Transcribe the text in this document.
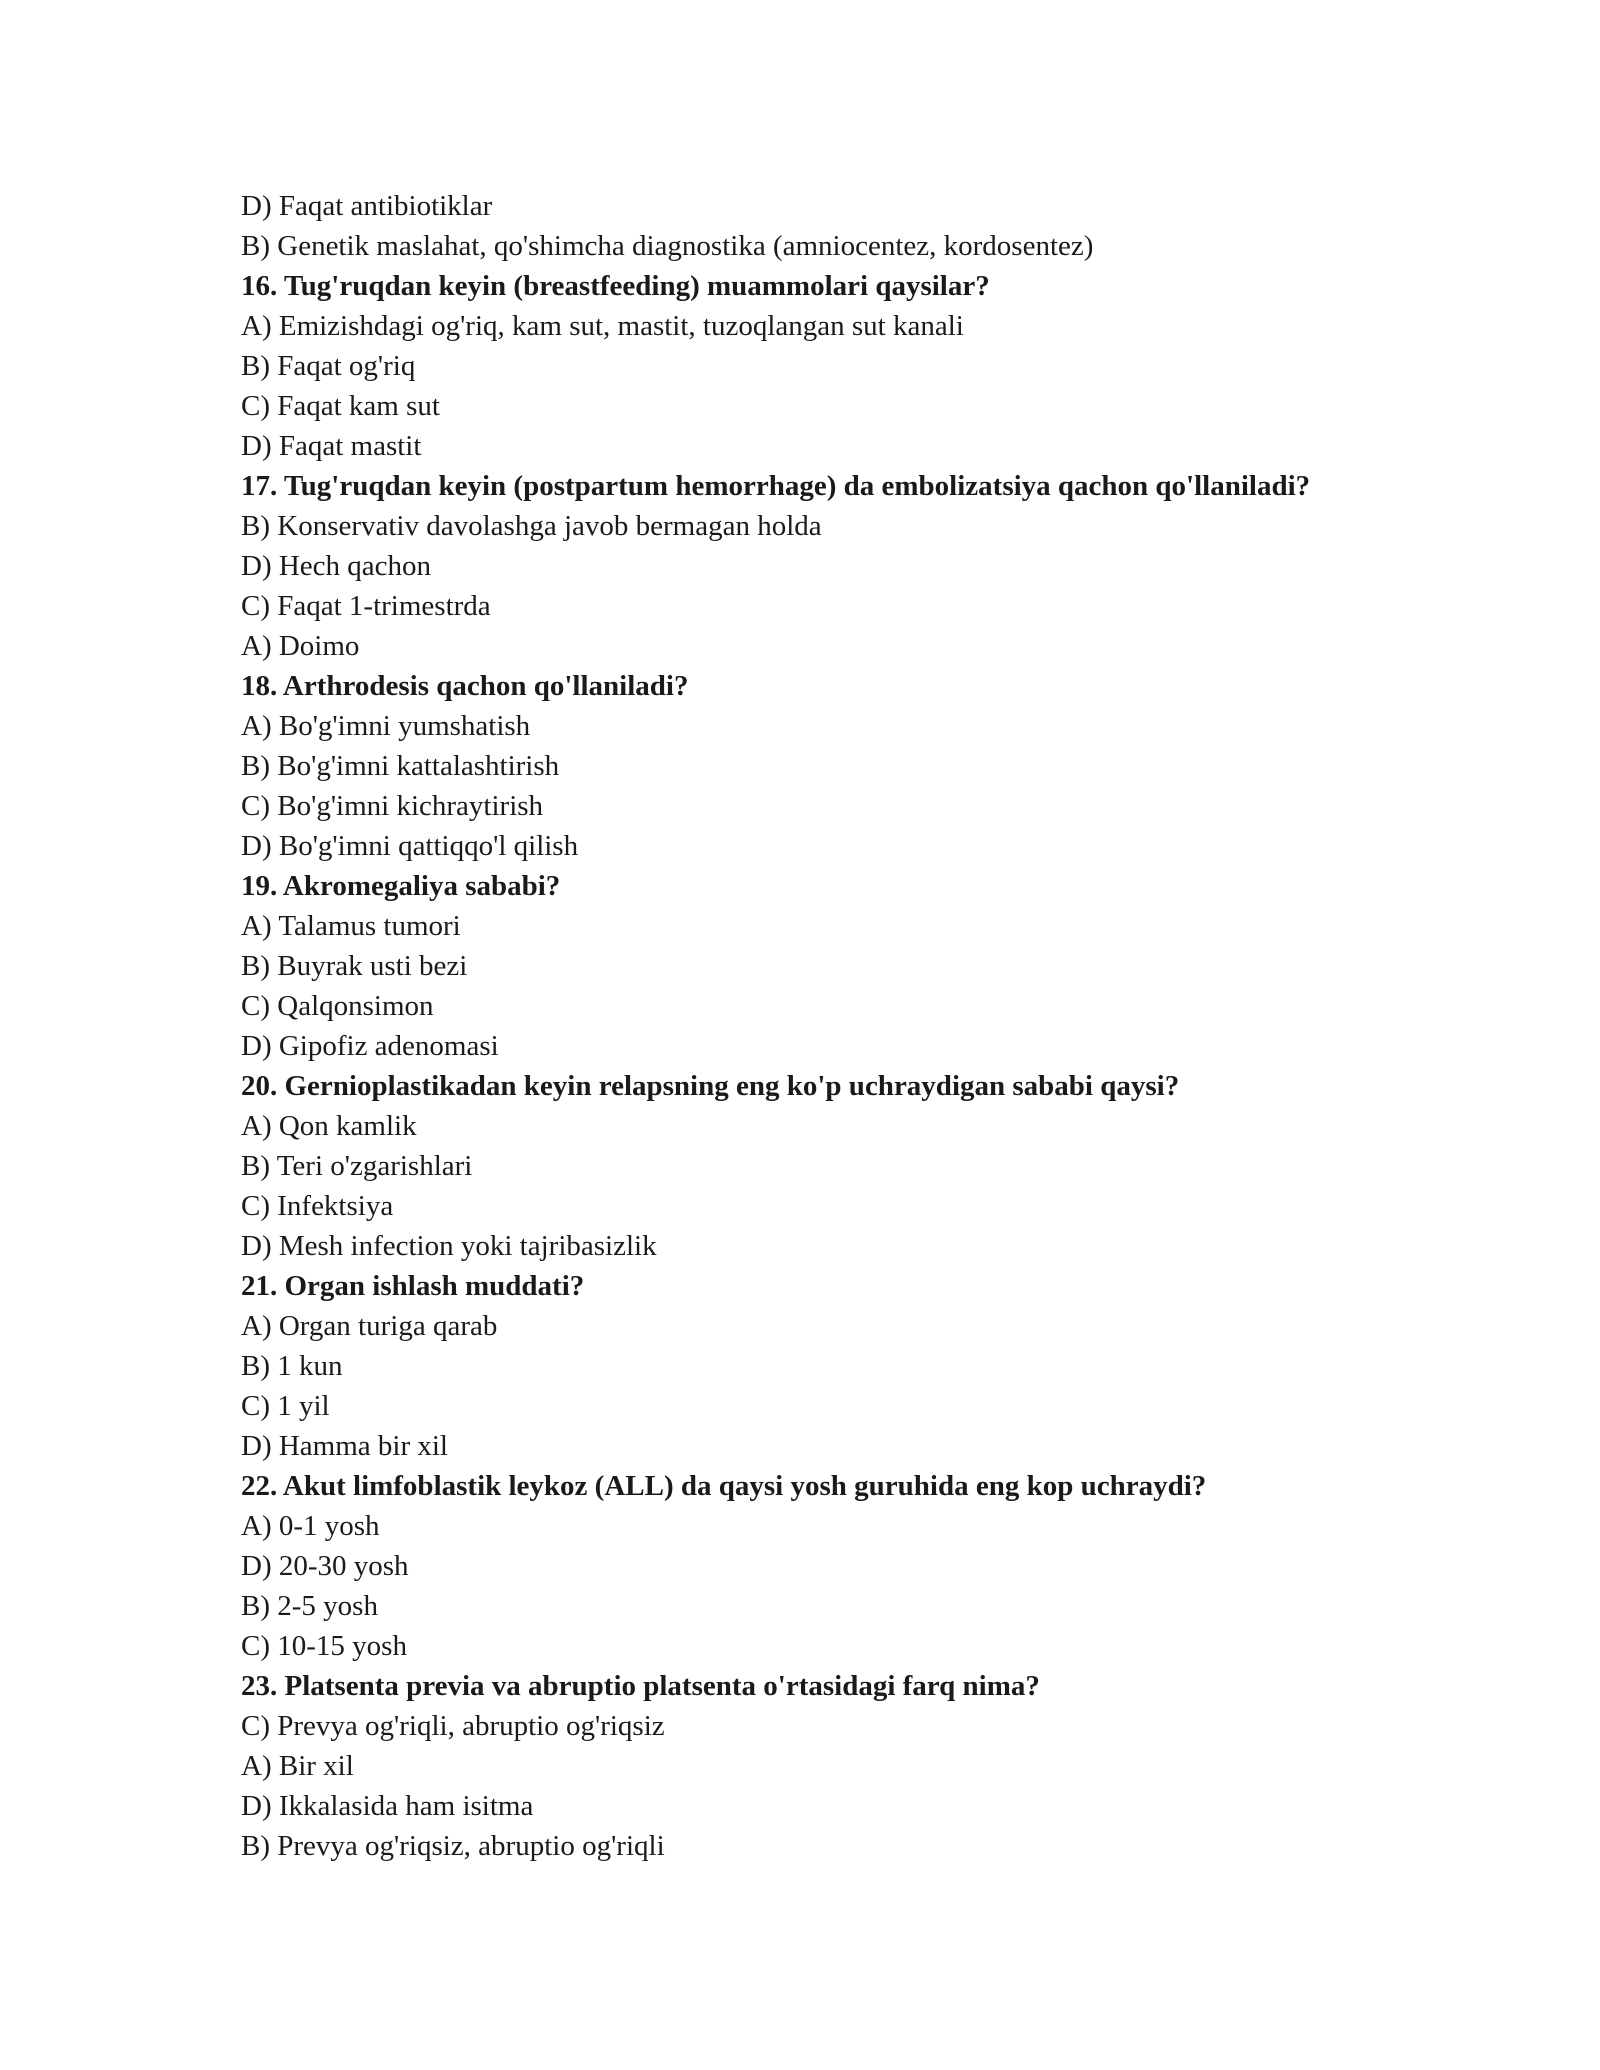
D) Faqat antibiotiklar
B) Genetik maslahat, qo'shimcha diagnostika (amniocentez, kordosentez)
16. Tug'ruqdan keyin (breastfeeding) muammolari qaysilar?
A) Emizishdagi og'riq, kam sut, mastit, tuzoqlangan sut kanali
B) Faqat og'riq
C) Faqat kam sut
D) Faqat mastit
17. Tug'ruqdan keyin (postpartum hemorrhage) da embolizatsiya qachon qo'llaniladi?
B) Konservativ davolashga javob bermagan holda
D) Hech qachon
C) Faqat 1-trimestrda
A) Doimo
18. Arthrodesis qachon qo'llaniladi?
A) Bo'g'imni yumshatish
B) Bo'g'imni kattalashtirish
C) Bo'g'imni kichraytirish
D) Bo'g'imni qattiqqo'l qilish
19. Akromegaliya sababi?
A) Talamus tumori
B) Buyrak usti bezi
C) Qalqonsimon
D) Gipofiz adenomasi
20. Gernioplastikadan keyin relapsning eng ko'p uchraydigan sababi qaysi?
A) Qon kamlik
B) Teri o'zgarishlari
C) Infektsiya
D) Mesh infection yoki tajribasizlik
21. Organ ishlash muddati?
A) Organ turiga qarab
B) 1 kun
C) 1 yil
D) Hamma bir xil
22. Akut limfoblastik leykoz (ALL) da qaysi yosh guruhida eng kop uchraydi?
A) 0-1 yosh
D) 20-30 yosh
B) 2-5 yosh
C) 10-15 yosh
23. Platsenta previa va abruptio platsenta o'rtasidagi farq nima?
C) Prevya og'riqli, abruptio og'riqsiz
A) Bir xil
D) Ikkalasida ham isitma
B) Prevya og'riqsiz, abruptio og'riqli
